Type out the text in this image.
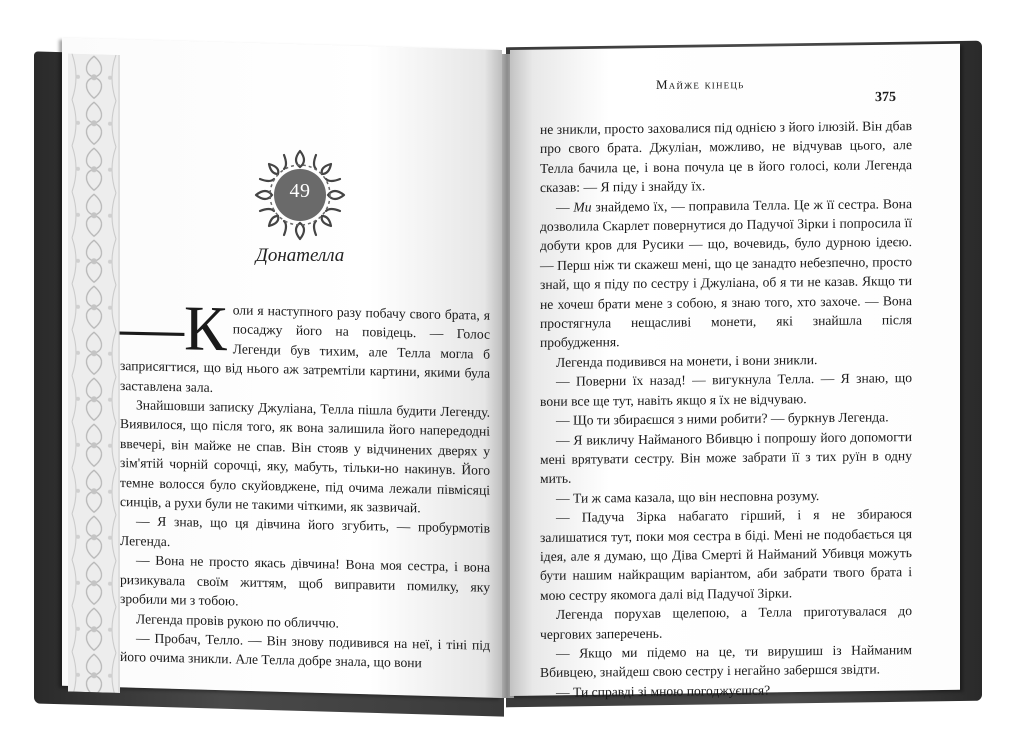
49
Донателла

—К оли я наступного разу побачу свого брата, я посаджу його на повідець. — Голос Легенди був тихим, але Телла могла б заприсягтися, що від нього аж затремтіли картини, якими була заставлена зала.

Знайшовши записку Джуліана, Телла пішла будити Легенду. Виявилося, що після того, як вона залишила його напередодні ввечері, він майже не спав. Він стояв у відчинених дверях у зім'ятій чорній сорочці, яку, мабуть, тільки-но накинув. Його темне волосся було скуйовджене, під очима лежали півмісяці синців, а рухи були не такими чіткими, як зазвичай.

— Я знав, що ця дівчина його згубить, — пробурмотів Легенда.

— Вона не просто якась дівчина! Вона моя сестра, і вона ризикувала своїм життям, щоб виправити помилку, яку зробили ми з тобою.

Легенда провів рукою по обличчю.

— Пробач, Телло. — Він знову подивився на неї, і тіні під його очима зникли. Але Телла добре знала, що вони

Майже кінець
375

не зникли, просто заховалися під однією з його ілюзій. Він дбав про свого брата. Джуліан, можливо, не відчував цього, але Телла бачила це, і вона почула це в його голосі, коли Легенда сказав: — Я піду і знайду їх.

— Ми знайдемо їх, — поправила Телла. Це ж її сестра. Вона дозволила Скарлет повернутися до Падучої Зірки і попросила її добути кров для Русики — що, вочевидь, було дурною ідеєю. — Перш ніж ти скажеш мені, що це занадто небезпечно, просто знай, що я піду по сестру і Джуліана, об я ти не казав. Якщо ти не хочеш брати мене з собою, я знаю того, хто захоче. — Вона простягнула нещасливі монети, які знайшла після пробудження.

Легенда подивився на монети, і вони зникли.

— Поверни їх назад! — вигукнула Телла. — Я знаю, що вони все ще тут, навіть якщо я їх не відчуваю.

— Що ти збираєшся з ними робити? — буркнув Легенда.

— Я викличу Найманого Вбивцю і попрошу його допомогти мені врятувати сестру. Він може забрати її з тих руїн в одну мить.

— Ти ж сама казала, що він несповна розуму.

— Падуча Зірка набагато гірший, і я не збираюся залишатися тут, поки моя сестра в біді. Мені не подобається ця ідея, але я думаю, що Діва Смерті й Найманий Убивця можуть бути нашим найкращим варіантом, аби забрати твого брата і мою сестру якомога далі від Падучої Зірки.

Легенда порухав щелепою, а Телла приготувалася до чергових заперечень.

— Якщо ми підемо на це, ти вирушиш із Найманим Вбивцею, знайдеш свою сестру і негайно забершся звідти.

— Ти справді зі мною погоджуєшся?
